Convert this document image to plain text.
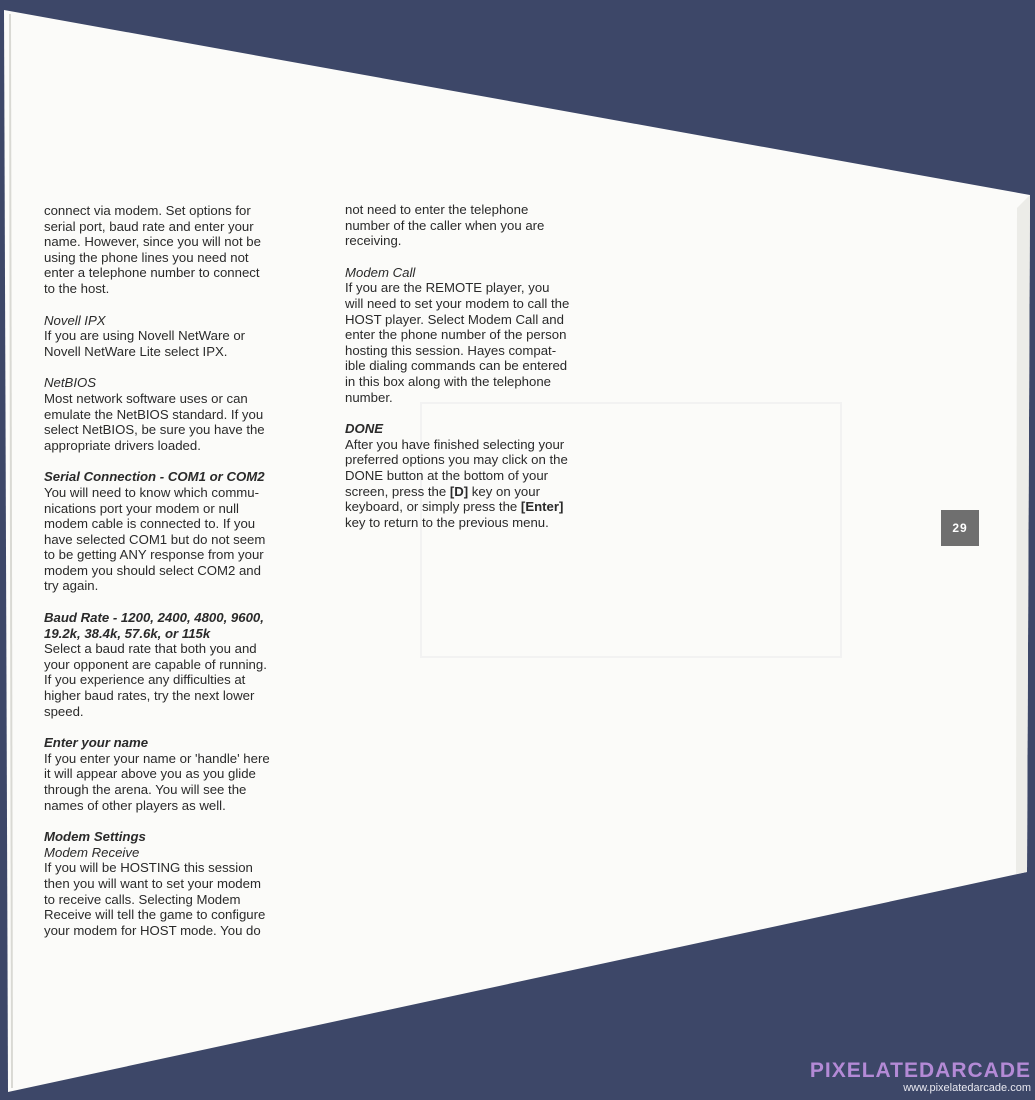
connect via modem. Set options for
serial port, baud rate and enter your
name. However, since you will not be
using the phone lines you need not
enter a telephone number to connect
to the host.

Novell IPX

If you are using Novell NetWare or
Novell NetWare Lite select IPX.

NetBIOS

Most network software uses or can
emulate the NetBIOS standard. If you
select NetBIOS, be sure you have the
appropriate drivers loaded.

Serial Connection - COM1 or COM2

You will need to know which commu-
nications port your modem or null
modem cable is connected to. If you
have selected COM1 but do not seem
to be getting ANY response from your
modem you should select COM2 and
try again.

Baud Rate - 1200, 2400, 4800, 9600,
19.2k, 38.4k, 57.6k, or 115k

Select a baud rate that both you and
your opponent are capable of running.
If you experience any difficulties at
higher baud rates, try the next lower
speed.

Enter your name

If you enter your name or 'handle' here
it will appear above you as you glide
through the arena. You will see the
names of other players as well.

Modem Settings

Modem Receive

If you will be HOSTING this session
then you will want to set your modem
to receive calls. Selecting Modem
Receive will tell the game to configure
your modem for HOST mode. You do

not need to enter the telephone
number of the caller when you are
receiving.

Modem Call

If you are the REMOTE player, you
will need to set your modem to call the
HOST player. Select Modem Call and
enter the phone number of the person
hosting this session. Hayes compat-
ible dialing commands can be entered
in this box along with the telephone
number.

DONE

After you have finished selecting your
preferred options you may click on the
DONE button at the bottom of your
screen, press the [D] key on your
keyboard, or simply press the [Enter]
key to return to the previous menu.	29
PIXELATEDARCADE
www.pixelatedarcade.com
